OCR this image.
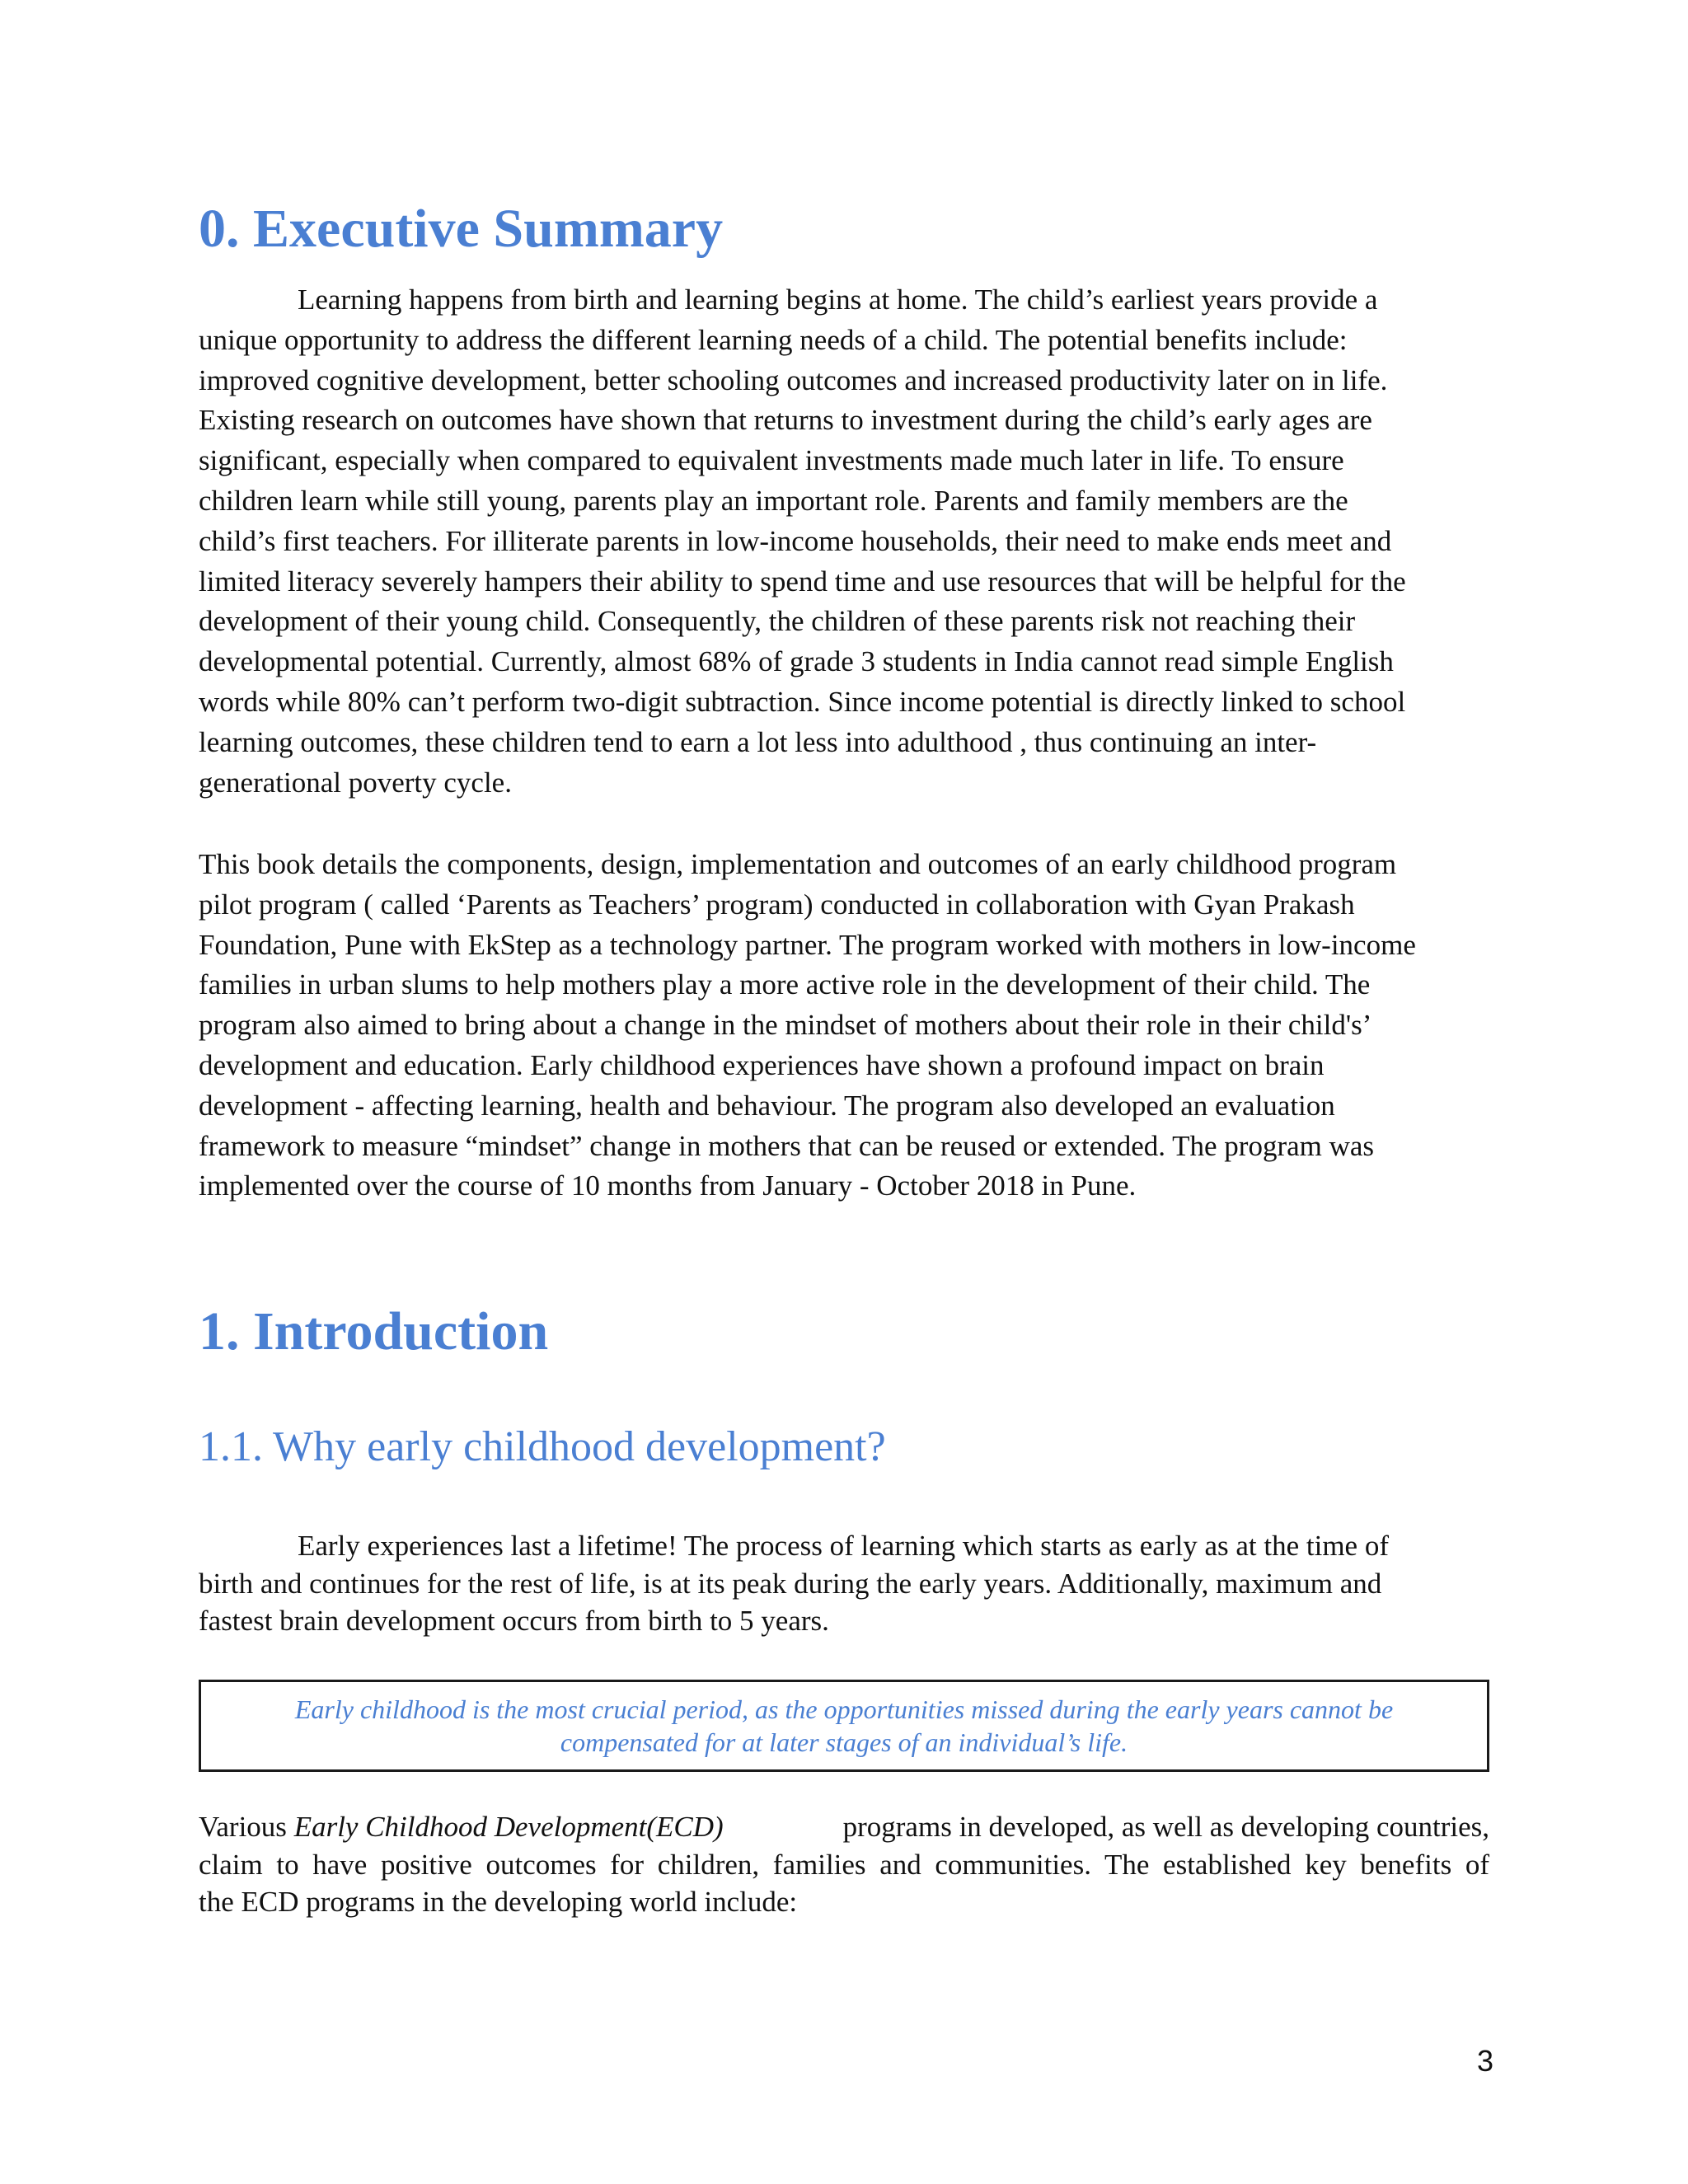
0. Executive Summary
Learning happens from birth and learning begins at home. The child’s earliest years provide a
unique opportunity to address the different learning needs of a child. The potential benefits include:
improved cognitive development, better schooling outcomes and increased productivity later on in life.
Existing research on outcomes have shown that returns to investment during the child’s early ages are
significant, especially when compared to equivalent investments made much later in life. To ensure
children learn while still young, parents play an important role. Parents and family members are the
child’s first teachers. For illiterate parents in low-income households, their need to make ends meet and
limited literacy severely hampers their ability to spend time and use resources that will be helpful for the
development of their young child. Consequently, the children of these parents risk not reaching their
developmental potential. Currently, almost 68% of grade 3 students in India cannot read simple English
words while 80% can’t perform two-digit subtraction. Since income potential is directly linked to school
learning outcomes, these children tend to earn a lot less into adulthood , thus continuing an inter-
generational poverty cycle.
This book details the components, design, implementation and outcomes of an early childhood program
pilot program ( called ‘Parents as Teachers’ program) conducted in collaboration with Gyan Prakash
Foundation, Pune with EkStep as a technology partner. The program worked with mothers in low-income
families in urban slums to help mothers play a more active role in the development of their child. The
program also aimed to bring about a change in the mindset of mothers about their role in their child's’
development and education. Early childhood experiences have shown a profound impact on brain
development - affecting learning, health and behaviour. The program also developed an evaluation
framework to measure “mindset” change in mothers that can be reused or extended. The program was
implemented over the course of 10 months from January - October 2018 in Pune.
1. Introduction
1.1. Why early childhood development?
Early experiences last a lifetime! The process of learning which starts as early as at the time of
birth and continues for the rest of life, is at its peak during the early years. Additionally, maximum and
fastest brain development occurs from birth to 5 years.

Early childhood is the most crucial period, as the opportunities missed during the early years cannot be
compensated for at later stages of an individual’s life.

Various Early Childhood Development(ECD)	programs in developed, as well as developing countries,
claim to have positive outcomes for children, families and communities. The established key benefits of
the ECD programs in the developing world include:
3
